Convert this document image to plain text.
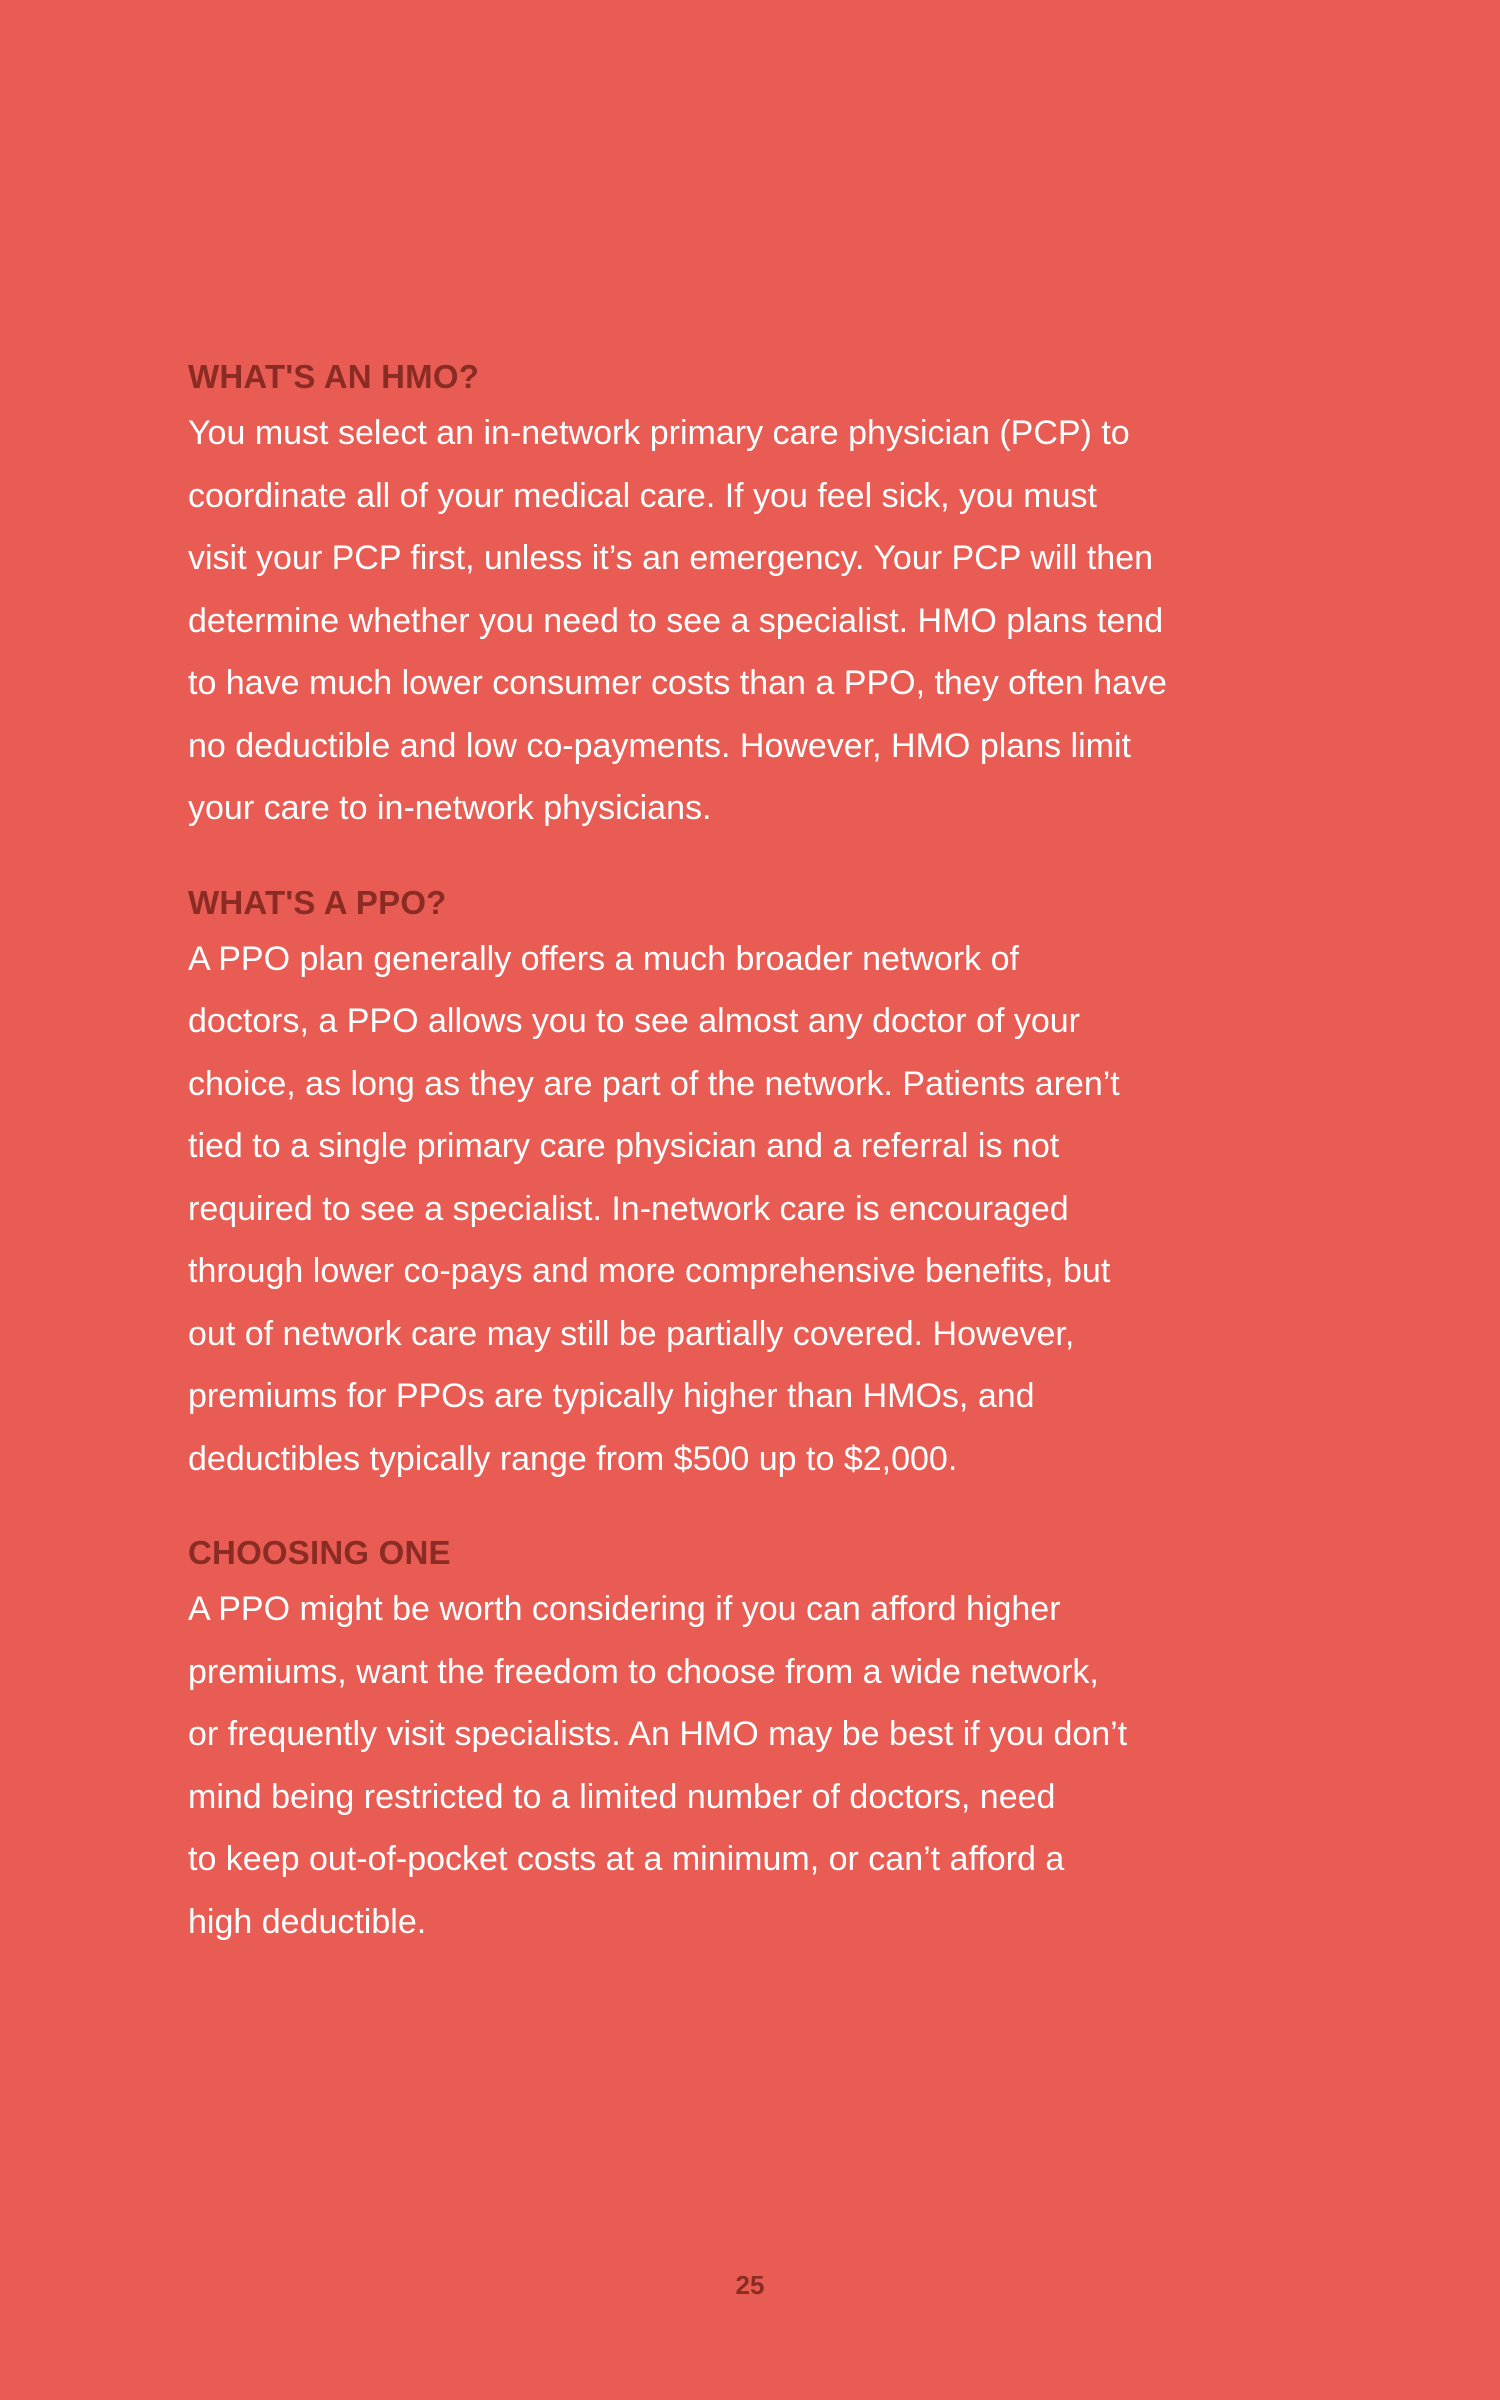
WHAT'S AN HMO?

You must select an in-network primary care physician (PCP) to
coordinate all of your medical care. If you feel sick, you must
visit your PCP first, unless it’s an emergency. Your PCP will then
determine whether you need to see a specialist. HMO plans tend
to have much lower consumer costs than a PPO, they often have
no deductible and low co-payments. However, HMO plans limit
your care to in-network physicians.

WHAT'S A PPO?

A PPO plan generally offers a much broader network of
doctors, a PPO allows you to see almost any doctor of your
choice, as long as they are part of the network. Patients aren’t
tied to a single primary care physician and a referral is not
required to see a specialist. In-network care is encouraged
through lower co-pays and more comprehensive benefits, but
out of network care may still be partially covered. However,
premiums for PPOs are typically higher than HMOs, and
deductibles typically range from $500 up to $2,000.

CHOOSING ONE

A PPO might be worth considering if you can afford higher
premiums, want the freedom to choose from a wide network,
or frequently visit specialists. An HMO may be best if you don’t
mind being restricted to a limited number of doctors, need
to keep out-of-pocket costs at a minimum, or can’t afford a
high deductible.

25
